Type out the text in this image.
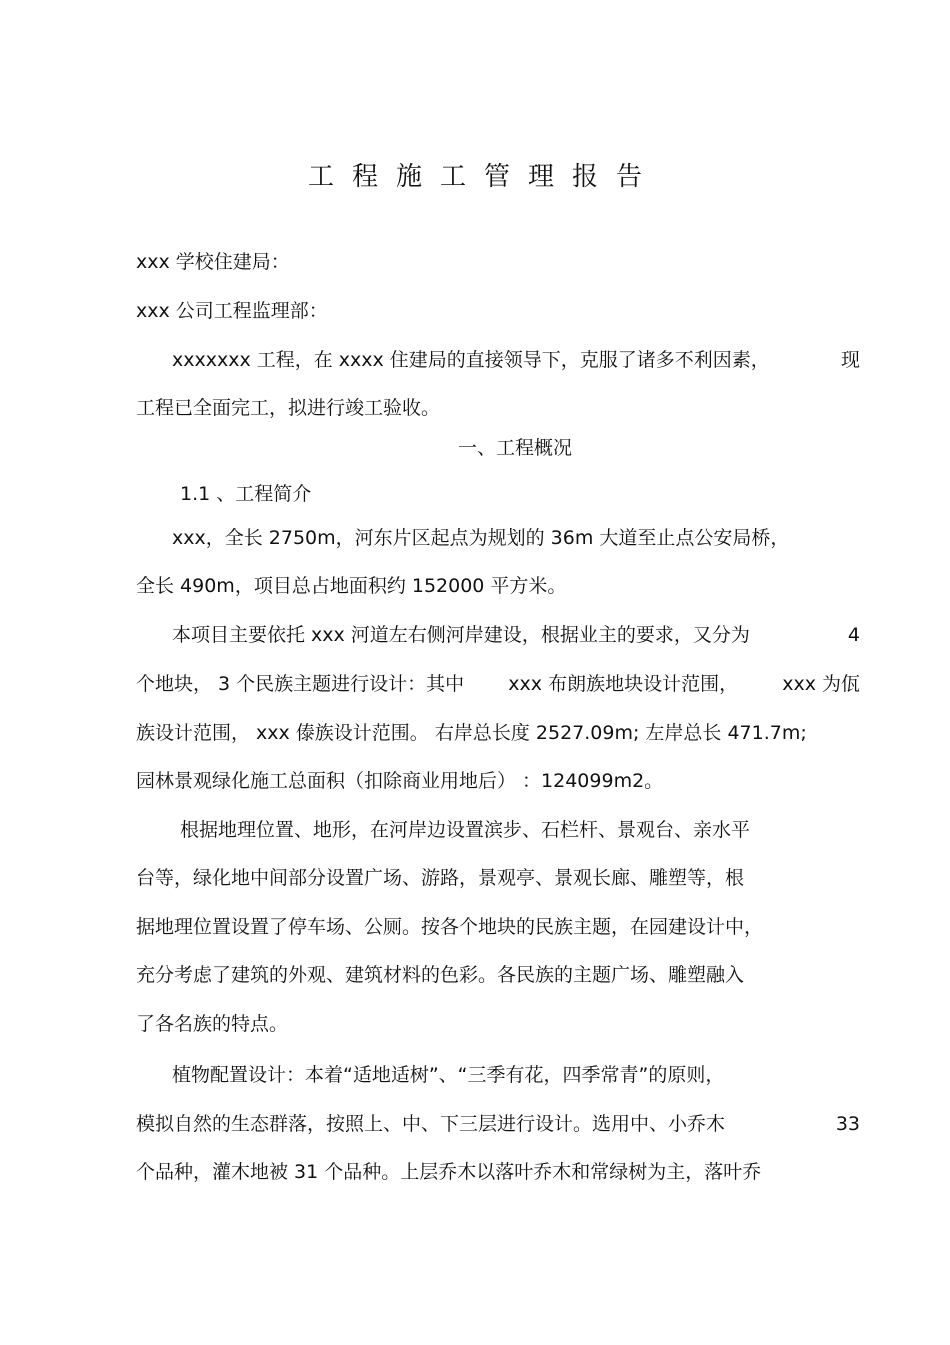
工程施工管理报告
xxx 学校住建局：
xxx 公司工程监理部：
xxxxxxx 工程，在 xxxx 住建局的直接领导下，克服了诸多不利因素，	现
工程已全面完工，拟进行竣工验收。
一、工程概况
1.1 、工程简介
xxx，全长 2750m，河东片区起点为规划的 36m 大道至止点公安局桥，
全长 490m，项目总占地面积约 152000 平方米。
本项目主要依托 xxx 河道左右侧河岸建设，根据业主的要求，又分为	4
个地块， 3 个民族主题进行设计：其中 xxx 布朗族地块设计范围， xxx 为佤
族设计范围， xxx 傣族设计范围。 右岸总长度 2527.09m; 左岸总长 471.7m;
园林景观绿化施工总面积（扣除商业用地后） ：124099m2。
根据地理位置、地形，在河岸边设置滨步、石栏杆、景观台、亲水平
台等，绿化地中间部分设置广场、游路，景观亭、景观长廊、雕塑等，根
据地理位置设置了停车场、公厕。按各个地块的民族主题，在园建设计中，
充分考虑了建筑的外观、建筑材料的色彩。各民族的主题广场、雕塑融入
了各名族的特点。
植物配置设计：本着“适地适树”、“三季有花，四季常青”的原则，
模拟自然的生态群落，按照上、中、下三层进行设计。选用中、小乔木	33
个品种，灌木地被 31 个品种。上层乔木以落叶乔木和常绿树为主，落叶乔
